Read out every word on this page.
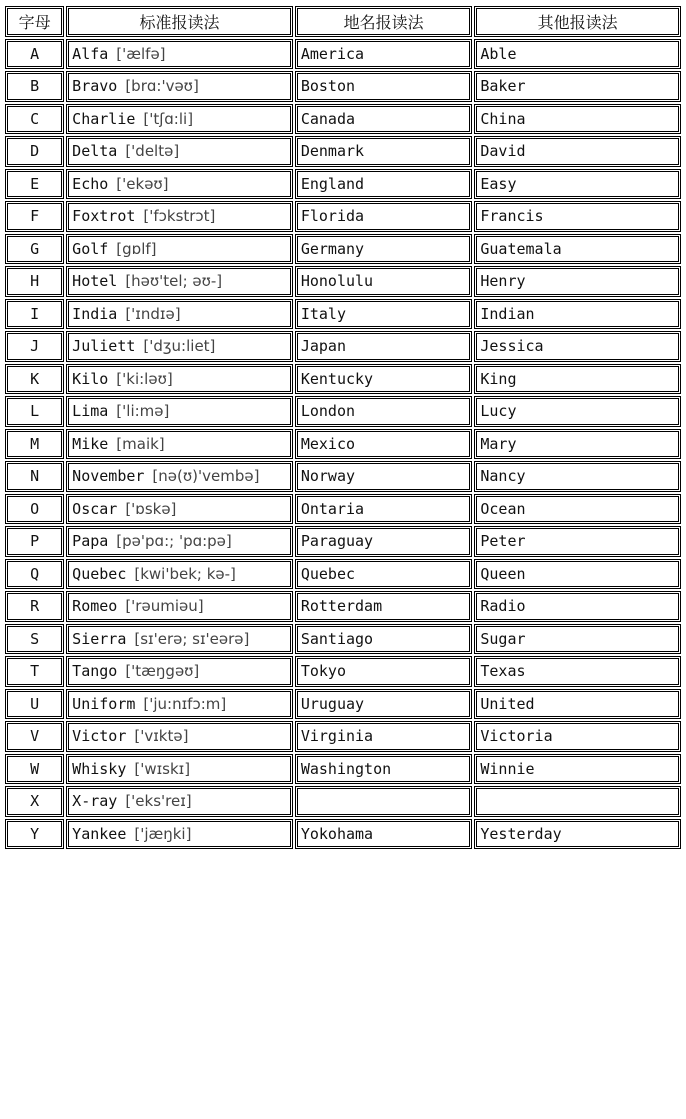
字母	标准报读法	地名报读法	其他报读法
A	Alfa ['ælfə]	America	Able
B	Bravo [brɑ:'vəʊ]	Boston	Baker
C	Charlie ['tʃɑ:li]	Canada	China
D	Delta ['deltə]	Denmark	David
E	Echo ['ekəʊ]	England	Easy
F	Foxtrot ['fɔkstrɔt]	Florida	Francis
G	Golf [gɒlf]	Germany	Guatemala
H	Hotel [həʊ'tel; əʊ-]	Honolulu	Henry
I	India ['ɪndɪə]	Italy	Indian
J	Juliett ['dʒu:liet]	Japan	Jessica
K	Kilo ['ki:ləʊ]	Kentucky	King
L	Lima ['li:mə]	London	Lucy
M	Mike [maik]	Mexico	Mary
N	November [nə(ʊ)'vembə]	Norway	Nancy
O	Oscar ['ɒskə]	Ontaria	Ocean
P	Papa [pə'pɑ:; 'pɑ:pə]	Paraguay	Peter
Q	Quebec [kwi'bek; kə-]	Quebec	Queen
R	Romeo ['rəumiəu]	Rotterdam	Radio
S	Sierra [sɪ'erə; sɪ'eərə]	Santiago	Sugar
T	Tango ['tæŋgəʊ]	Tokyo	Texas
U	Uniform ['ju:nɪfɔ:m]	Uruguay	United
V	Victor ['vɪktə]	Virginia	Victoria
W	Whisky ['wɪskɪ]	Washington	Winnie
X	X-ray ['eks'reɪ]		
Y	Yankee ['jæŋki]	Yokohama	Yesterday
